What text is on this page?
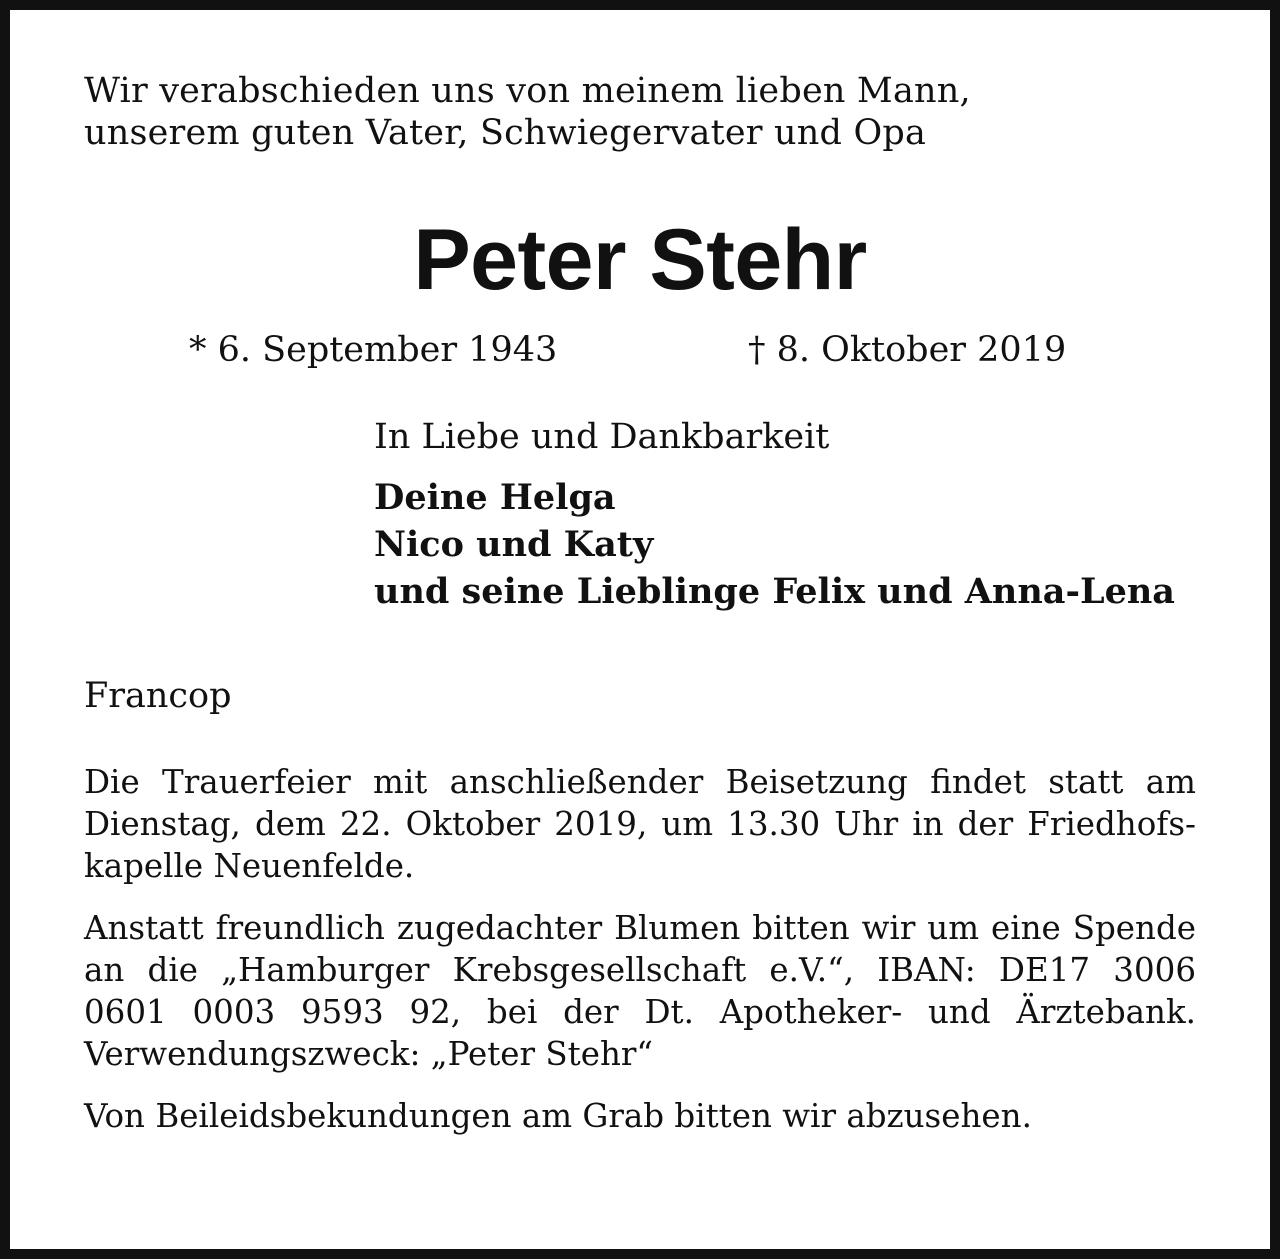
Wir verabschieden uns von meinem lieben Mann,
unserem guten Vater, Schwiegervater und Opa

Peter Stehr
* 6. September 1943	† 8. Oktober 2019

In Liebe und Dankbarkeit

Deine Helga
Nico und Katy
und seine Lieblinge Felix und Anna-Lena

Francop

Die Trauerfeier mit anschließender Beisetzung findet statt am Dienstag, dem 22. Oktober 2019, um 13.30 Uhr in der Friedhofskapelle Neuenfelde.

Anstatt freundlich zugedachter Blumen bitten wir um eine Spende an die „Hamburger Krebsgesellschaft e.V.“, IBAN: DE17 3006 0601 0003 9593 92, bei der Dt. Apotheker- und Ärztebank. Verwendungszweck: „Peter Stehr“

Von Beileidsbekundungen am Grab bitten wir abzusehen.
